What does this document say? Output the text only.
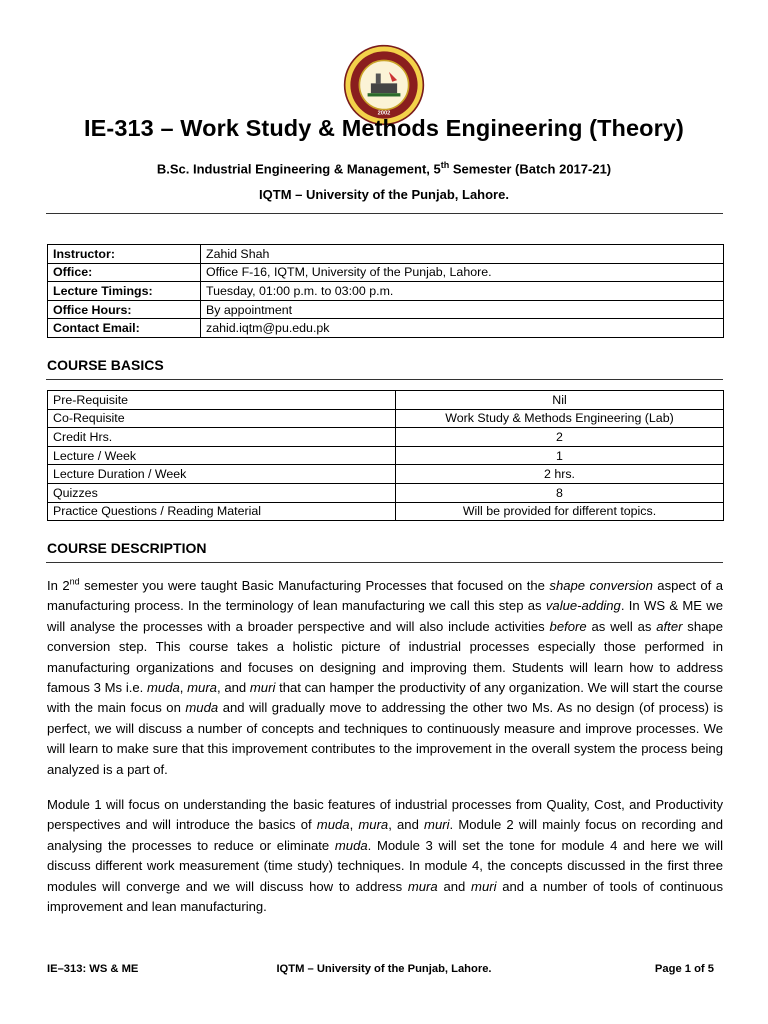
2002
IE-313 – Work Study & Methods Engineering (Theory)
B.Sc. Industrial Engineering & Management, 5th Semester (Batch 2017-21)
IQTM – University of the Punjab, Lahore.
Instructor:	Zahid Shah
Office:	Office F-16, IQTM, University of the Punjab, Lahore.
Lecture Timings:	Tuesday, 01:00 p.m. to 03:00 p.m.
Office Hours:	By appointment
Contact Email:	zahid.iqtm@pu.edu.pk
COURSE BASICS
Pre-Requisite	Nil
Co-Requisite	Work Study & Methods Engineering (Lab)
Credit Hrs.	2
Lecture / Week	1
Lecture Duration / Week	2 hrs.
Quizzes	8
Practice Questions / Reading Material	Will be provided for different topics.
COURSE DESCRIPTION
In 2nd semester you were taught Basic Manufacturing Processes that focused on the shape conversion aspect of a manufacturing process. In the terminology of lean manufacturing we call this step as value-adding. In WS & ME we will analyse the processes with a broader perspective and will also include activities before as well as after shape conversion step. This course takes a holistic picture of industrial processes especially those performed in manufacturing organizations and focuses on designing and improving them. Students will learn how to address famous 3 Ms i.e. muda, mura, and muri that can hamper the productivity of any organization. We will start the course with the main focus on muda and will gradually move to addressing the other two Ms. As no design (of process) is perfect, we will discuss a number of concepts and techniques to continuously measure and improve processes. We will learn to make sure that this improvement contributes to the improvement in the overall system the process being analyzed is a part of.
Module 1 will focus on understanding the basic features of industrial processes from Quality, Cost, and Productivity perspectives and will introduce the basics of muda, mura, and muri. Module 2 will mainly focus on recording and analysing the processes to reduce or eliminate muda. Module 3 will set the tone for module 4 and here we will discuss different work measurement (time study) techniques. In module 4, the concepts discussed in the first three modules will converge and we will discuss how to address mura and muri and a number of tools of continuous improvement and lean manufacturing.
IE–313: WS & ME	IQTM – University of the Punjab, Lahore.	Page 1 of 5
